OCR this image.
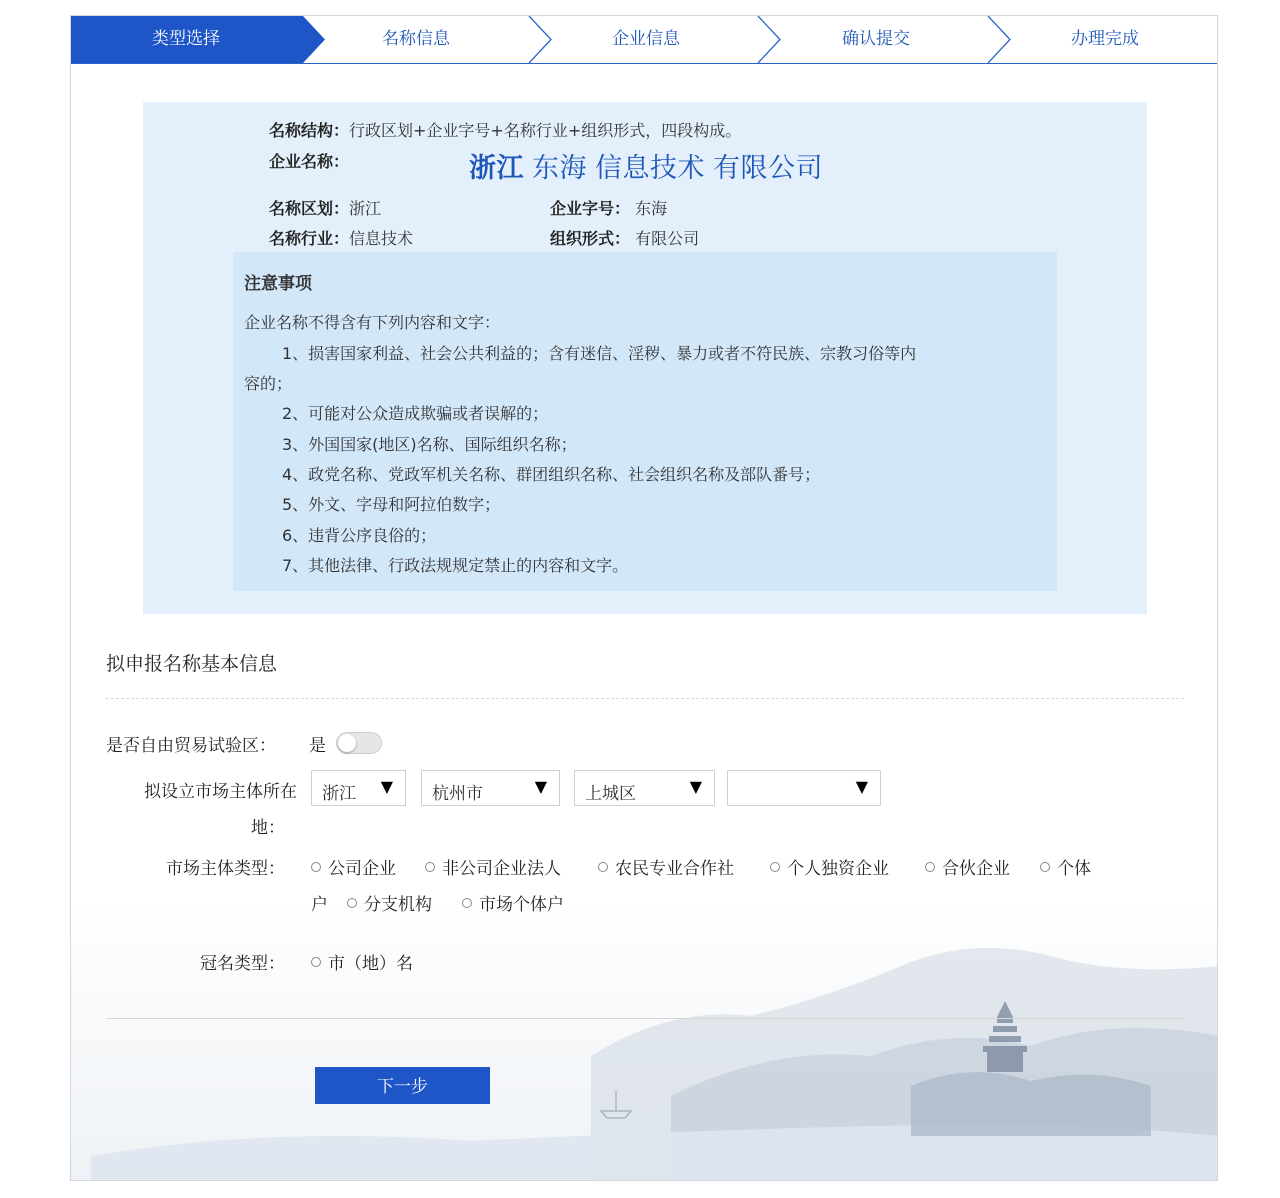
类型选择	名称信息	企业信息	确认提交	办理完成
名称结构：行政区划+企业字号+名称行业+组织形式，四段构成。
企业名称：	浙江 东海 信息技术 有限公司
名称区划：浙江	企业字号： 东海
名称行业：信息技术	组织形式： 有限公司
注意事项
企业名称不得含有下列内容和文字：
1、损害国家利益、社会公共利益的；含有迷信、淫秽、暴力或者不符民族、宗教习俗等内
容的；
2、可能对公众造成欺骗或者误解的；
3、外国国家(地区)名称、国际组织名称；
4、政党名称、党政军机关名称、群团组织名称、社会组织名称及部队番号；
5、外文、字母和阿拉伯数字；
6、违背公序良俗的；
7、其他法律、行政法规规定禁止的内容和文字。
拟申报名称基本信息
是否自由贸易试验区： 是
拟设立市场主体所在
地：
浙江 ▼ 杭州市	▼ 上城区	▼	▼
市场主体类型：	公司企业	非公司企业法人	农民专业合作社	个人独资企业	合伙企业	个体
户	分支机构	市场个体户
冠名类型：	市（地）名
下一步
